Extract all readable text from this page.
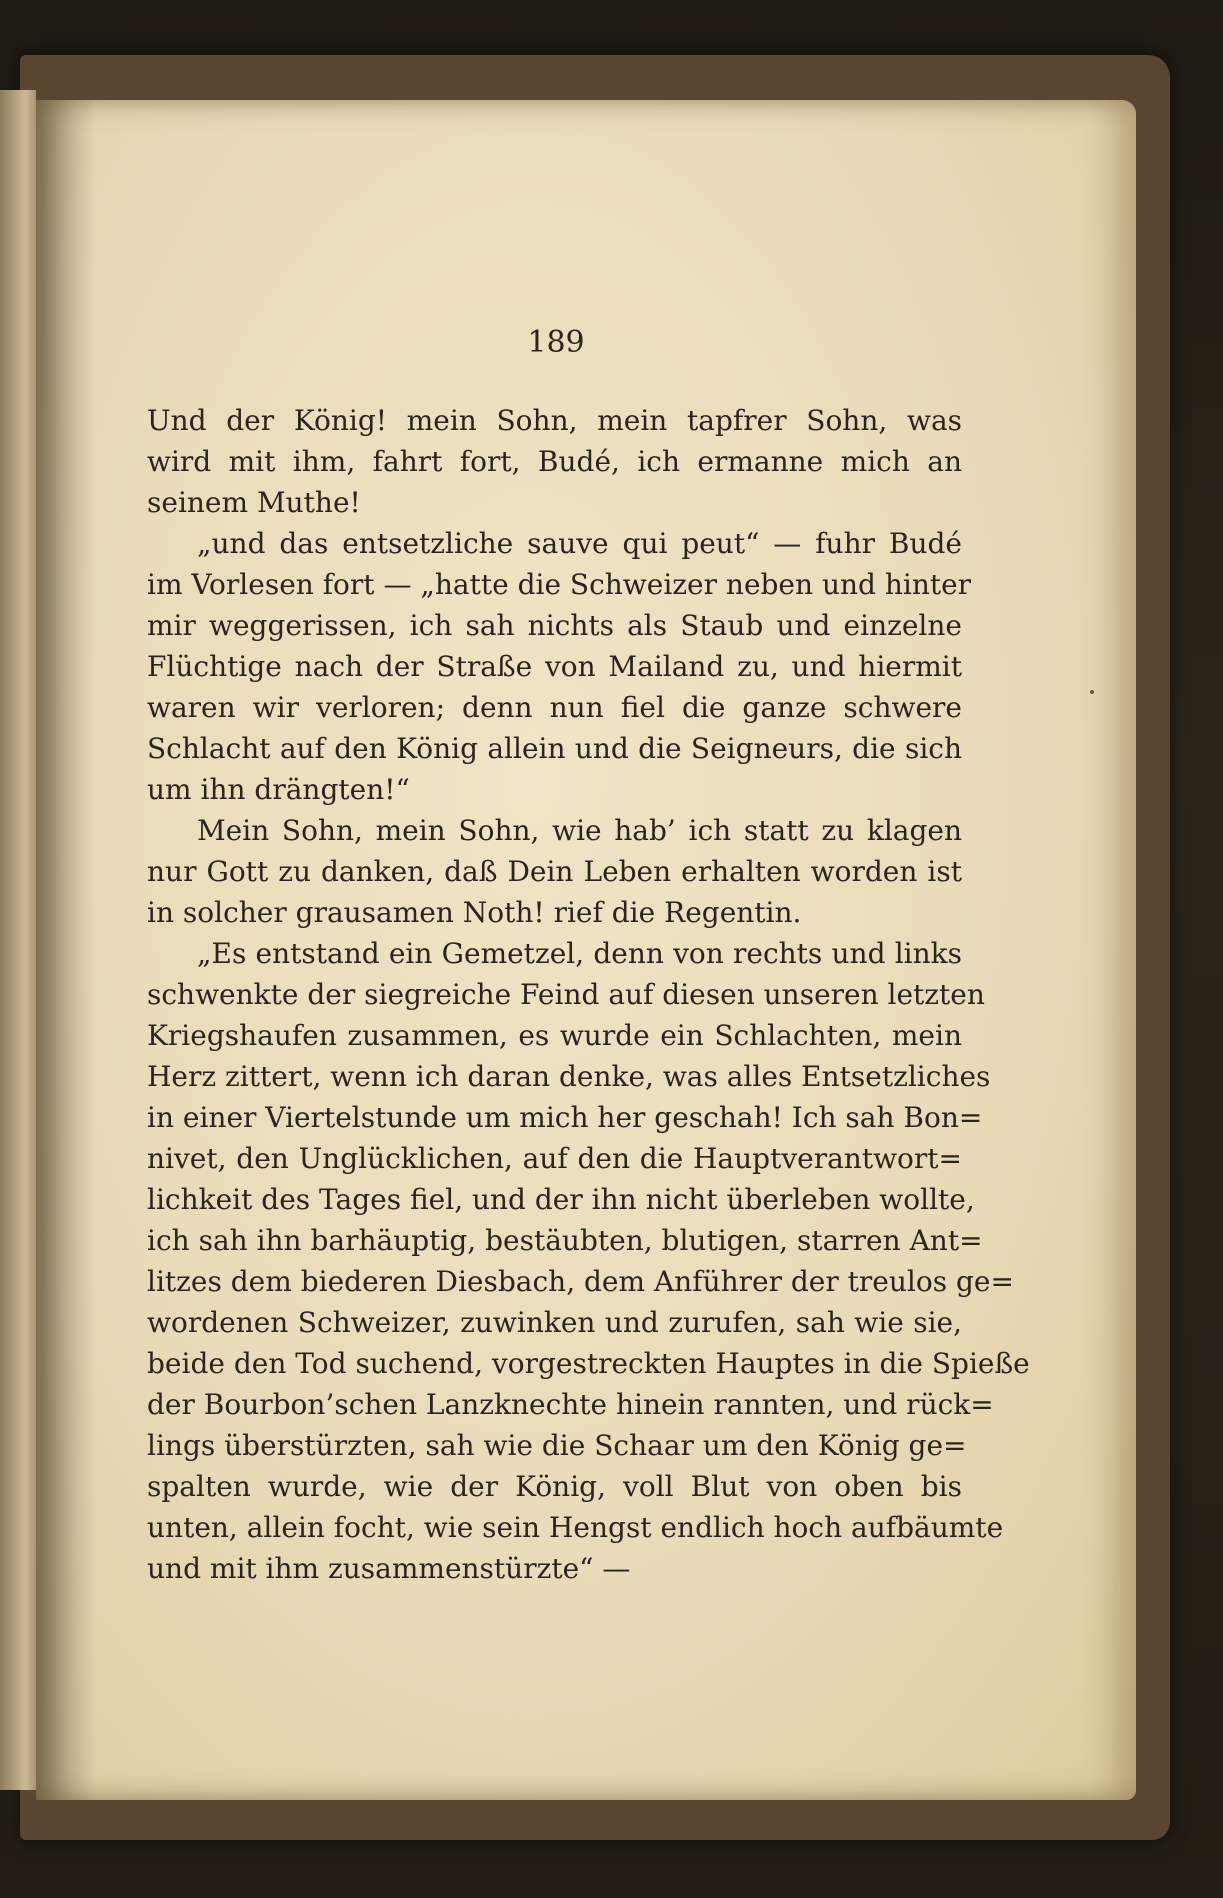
189
Und der König! mein Sohn, mein tapfrer Sohn, was
wird mit ihm, fahrt fort, Budé, ich ermanne mich an
seinem Muthe!
„und das entsetzliche sauve qui peut“ — fuhr Budé
im Vorlesen fort — „hatte die Schweizer neben und hinter
mir weggerissen, ich sah nichts als Staub und einzelne
Flüchtige nach der Straße von Mailand zu, und hiermit
waren wir verloren; denn nun fiel die ganze schwere
Schlacht auf den König allein und die Seigneurs, die sich
um ihn drängten!“
Mein Sohn, mein Sohn, wie hab’ ich statt zu klagen
nur Gott zu danken, daß Dein Leben erhalten worden ist
in solcher grausamen Noth! rief die Regentin.
„Es entstand ein Gemetzel, denn von rechts und links
schwenkte der siegreiche Feind auf diesen unseren letzten
Kriegshaufen zusammen, es wurde ein Schlachten, mein
Herz zittert, wenn ich daran denke, was alles Entsetzliches
in einer Viertelstunde um mich her geschah! Ich sah Bon=
nivet, den Unglücklichen, auf den die Hauptverantwort=
lichkeit des Tages fiel, und der ihn nicht überleben wollte,
ich sah ihn barhäuptig, bestäubten, blutigen, starren Ant=
litzes dem biederen Diesbach, dem Anführer der treulos ge=
wordenen Schweizer, zuwinken und zurufen, sah wie sie,
beide den Tod suchend, vorgestreckten Hauptes in die Spieße
der Bourbon’schen Lanzknechte hinein rannten, und rück=
lings überstürzten, sah wie die Schaar um den König ge=
spalten wurde, wie der König, voll Blut von oben bis
unten, allein focht, wie sein Hengst endlich hoch aufbäumte
und mit ihm zusammenstürzte“ —
